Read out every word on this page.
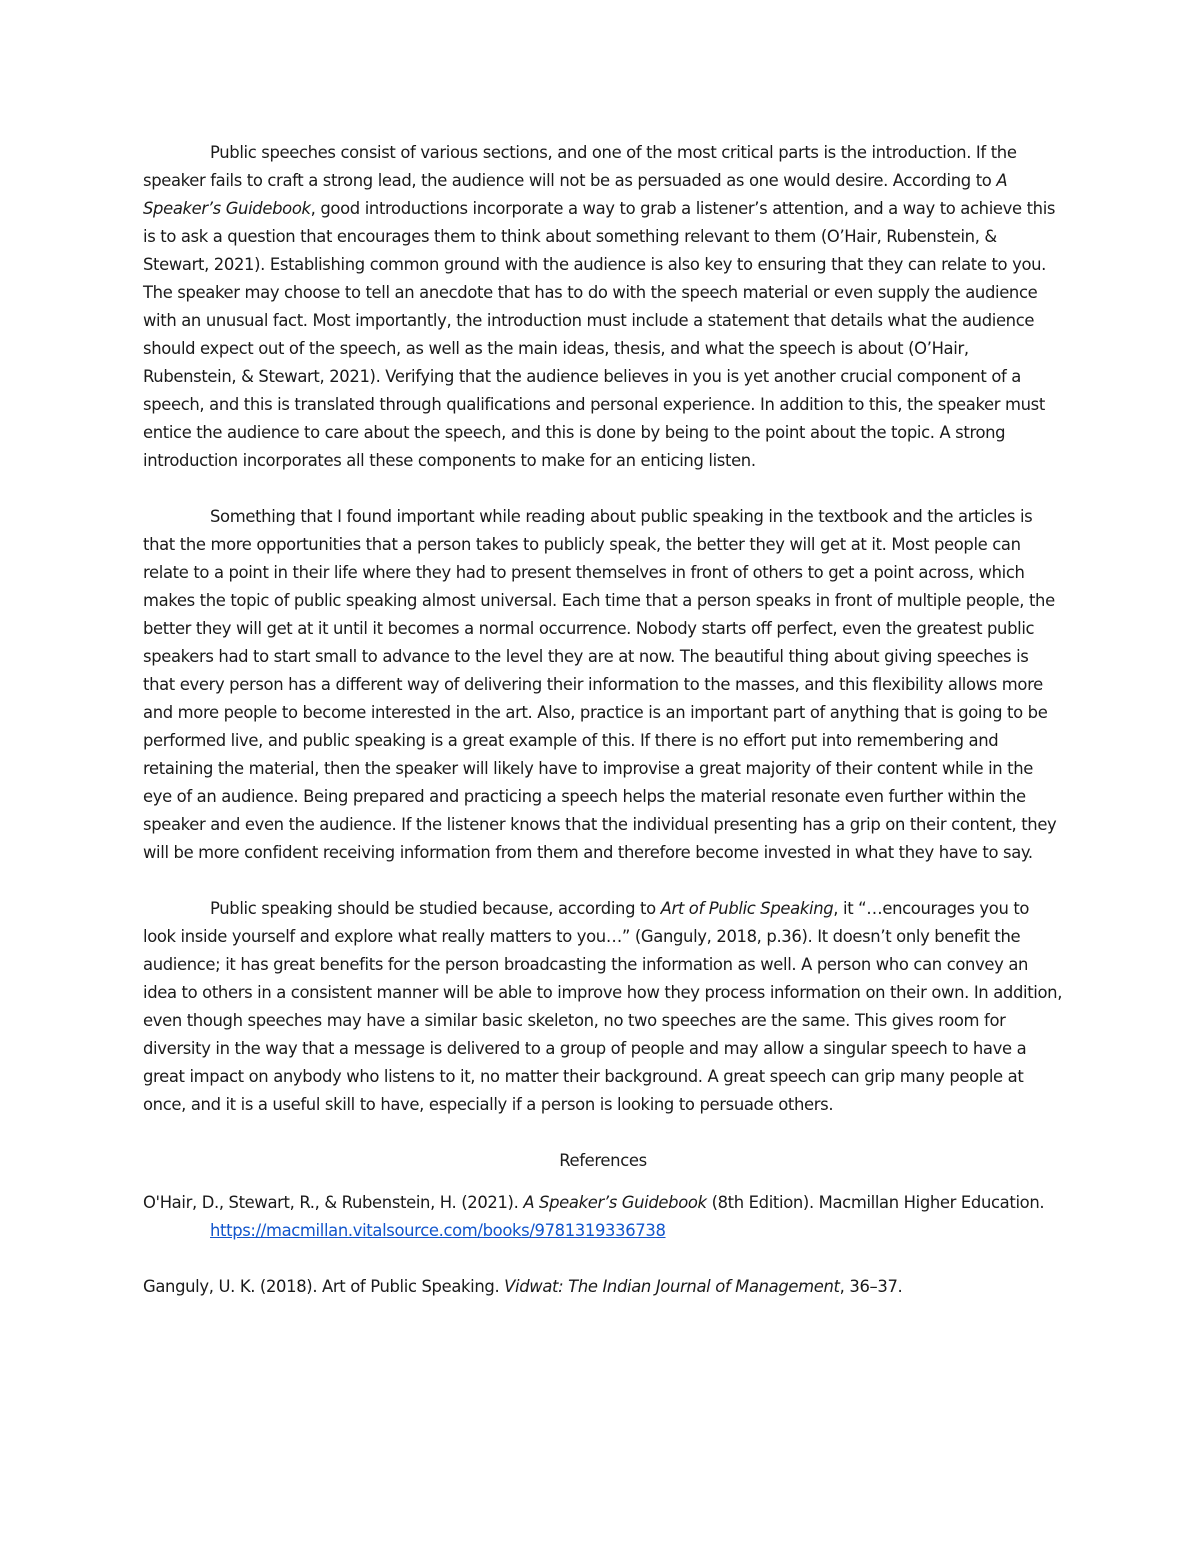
Public speeches consist of various sections, and one of the most critical parts is the introduction. If the speaker fails to craft a strong lead, the audience will not be as persuaded as one would desire. According to A Speaker’s Guidebook, good introductions incorporate a way to grab a listener’s attention, and a way to achieve this is to ask a question that encourages them to think about something relevant to them (O’Hair, Rubenstein, & Stewart, 2021). Establishing common ground with the audience is also key to ensuring that they can relate to you. The speaker may choose to tell an anecdote that has to do with the speech material or even supply the audience with an unusual fact. Most importantly, the introduction must include a statement that details what the audience should expect out of the speech, as well as the main ideas, thesis, and what the speech is about (O’Hair, Rubenstein, & Stewart, 2021). Verifying that the audience believes in you is yet another crucial component of a speech, and this is translated through qualifications and personal experience. In addition to this, the speaker must entice the audience to care about the speech, and this is done by being to the point about the topic. A strong introduction incorporates all these components to make for an enticing listen.

Something that I found important while reading about public speaking in the textbook and the articles is that the more opportunities that a person takes to publicly speak, the better they will get at it. Most people can relate to a point in their life where they had to present themselves in front of others to get a point across, which makes the topic of public speaking almost universal. Each time that a person speaks in front of multiple people, the better they will get at it until it becomes a normal occurrence. Nobody starts off perfect, even the greatest public speakers had to start small to advance to the level they are at now. The beautiful thing about giving speeches is that every person has a different way of delivering their information to the masses, and this flexibility allows more and more people to become interested in the art. Also, practice is an important part of anything that is going to be performed live, and public speaking is a great example of this. If there is no effort put into remembering and retaining the material, then the speaker will likely have to improvise a great majority of their content while in the eye of an audience. Being prepared and practicing a speech helps the material resonate even further within the speaker and even the audience. If the listener knows that the individual presenting has a grip on their content, they will be more confident receiving information from them and therefore become invested in what they have to say.

Public speaking should be studied because, according to Art of Public Speaking, it “…encourages you to look inside yourself and explore what really matters to you…” (Ganguly, 2018, p.36). It doesn’t only benefit the audience; it has great benefits for the person broadcasting the information as well. A person who can convey an idea to others in a consistent manner will be able to improve how they process information on their own. In addition, even though speeches may have a similar basic skeleton, no two speeches are the same. This gives room for diversity in the way that a message is delivered to a group of people and may allow a singular speech to have a great impact on anybody who listens to it, no matter their background. A great speech can grip many people at once, and it is a useful skill to have, especially if a person is looking to persuade others.

References

O'Hair, D., Stewart, R., & Rubenstein, H. (2021). A Speaker’s Guidebook (8th Edition). Macmillan Higher Education. https://macmillan.vitalsource.com/books/9781319336738

Ganguly, U. K. (2018). Art of Public Speaking. Vidwat: The Indian Journal of Management, 36–37.
